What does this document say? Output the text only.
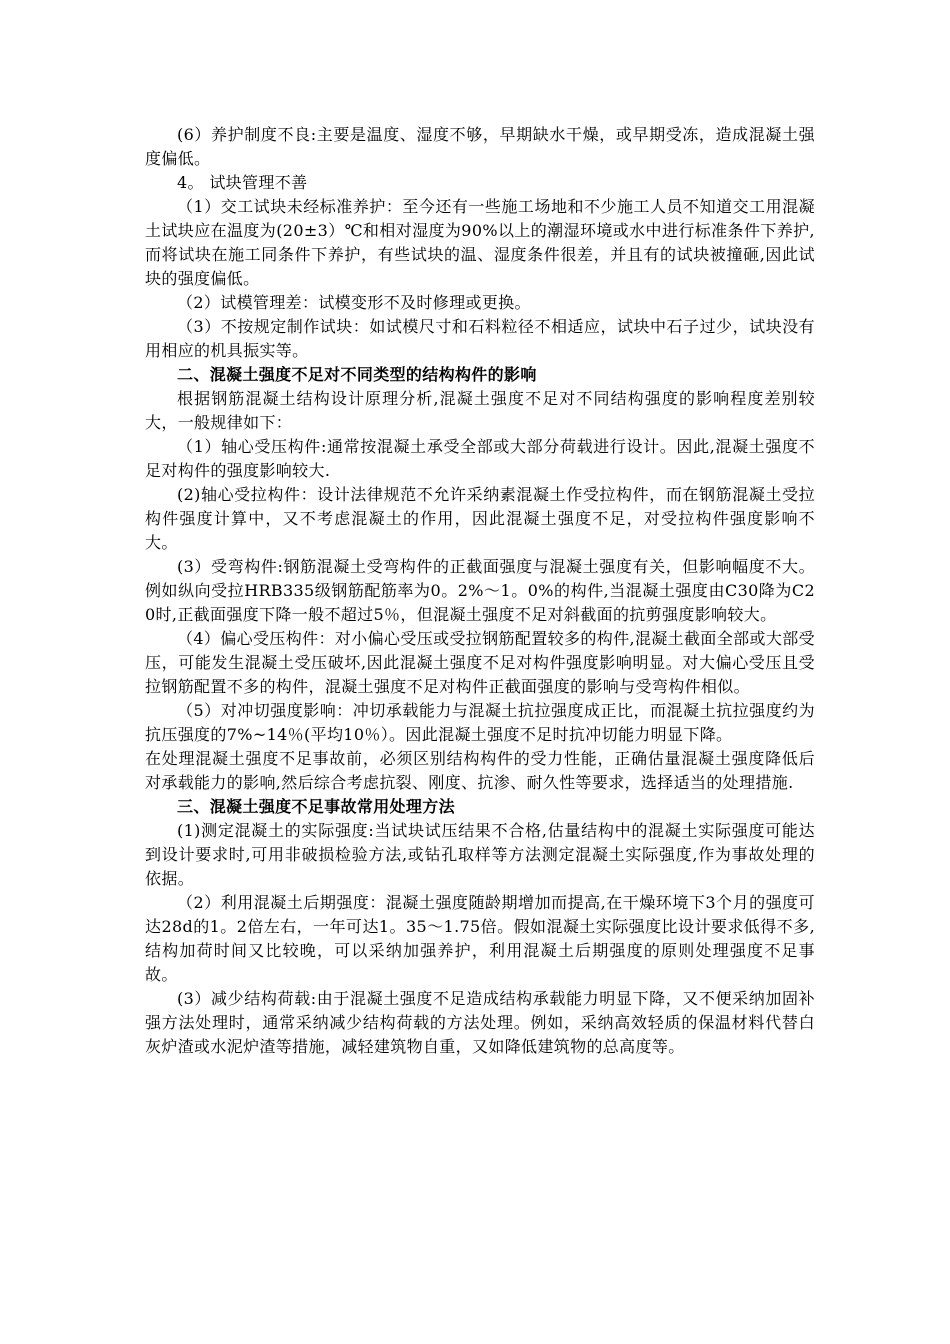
(6）养护制度不良:主要是温度、湿度不够，早期缺水干燥，或早期受冻，造成混凝土强度偏低。

4。 试块管理不善

（1）交工试块未经标准养护：至今还有一些施工场地和不少施工人员不知道交工用混凝土试块应在温度为(20±3）℃和相对湿度为90%以上的潮湿环境或水中进行标准条件下养护,而将试块在施工同条件下养护，有些试块的温、湿度条件很差，并且有的试块被撞砸,因此试块的强度偏低。

（2）试模管理差：试模变形不及时修理或更换。

（3）不按规定制作试块：如试模尺寸和石料粒径不相适应，试块中石子过少，试块没有用相应的机具振实等。

二、混凝土强度不足对不同类型的结构构件的影响

根据钢筋混凝土结构设计原理分析,混凝土强度不足对不同结构强度的影响程度差别较大，一般规律如下：

（1）轴心受压构件:通常按混凝土承受全部或大部分荷载进行设计。因此,混凝土强度不足对构件的强度影响较大.

(2)轴心受拉构件：设计法律规范不允许采纳素混凝土作受拉构件，而在钢筋混凝土受拉构件强度计算中，又不考虑混凝土的作用，因此混凝土强度不足，对受拉构件强度影响不大。

(3）受弯构件:钢筋混凝土受弯构件的正截面强度与混凝土强度有关，但影响幅度不大。例如纵向受拉HRB335级钢筋配筋率为0。2%～1。0%的构件,当混凝土强度由C30降为C20时,正截面强度下降一般不超过5％，但混凝土强度不足对斜截面的抗剪强度影响较大。

（4）偏心受压构件：对小偏心受压或受拉钢筋配置较多的构件,混凝土截面全部或大部受压，可能发生混凝土受压破坏,因此混凝土强度不足对构件强度影响明显。对大偏心受压且受拉钢筋配置不多的构件，混凝土强度不足对构件正截面强度的影响与受弯构件相似。

（5）对冲切强度影响：冲切承载能力与混凝土抗拉强度成正比，而混凝土抗拉强度约为抗压强度的7%~14％(平均10％）。因此混凝土强度不足时抗冲切能力明显下降。

在处理混凝土强度不足事故前，必须区别结构构件的受力性能，正确估量混凝土强度降低后对承载能力的影响,然后综合考虑抗裂、刚度、抗渗、耐久性等要求，选择适当的处理措施.

三、混凝土强度不足事故常用处理方法

(1)测定混凝土的实际强度:当试块试压结果不合格,估量结构中的混凝土实际强度可能达到设计要求时,可用非破损检验方法,或钻孔取样等方法测定混凝土实际强度,作为事故处理的依据。

（2）利用混凝土后期强度：混凝土强度随龄期增加而提高,在干燥环境下3个月的强度可达28d的1。2倍左右，一年可达1。35～1.75倍。假如混凝土实际强度比设计要求低得不多,结构加荷时间又比较晚，可以采纳加强养护，利用混凝土后期强度的原则处理强度不足事故。

(3）减少结构荷载:由于混凝土强度不足造成结构承载能力明显下降，又不便采纳加固补强方法处理时，通常采纳减少结构荷载的方法处理。例如，采纳高效轻质的保温材料代替白灰炉渣或水泥炉渣等措施，减轻建筑物自重，又如降低建筑物的总高度等。
